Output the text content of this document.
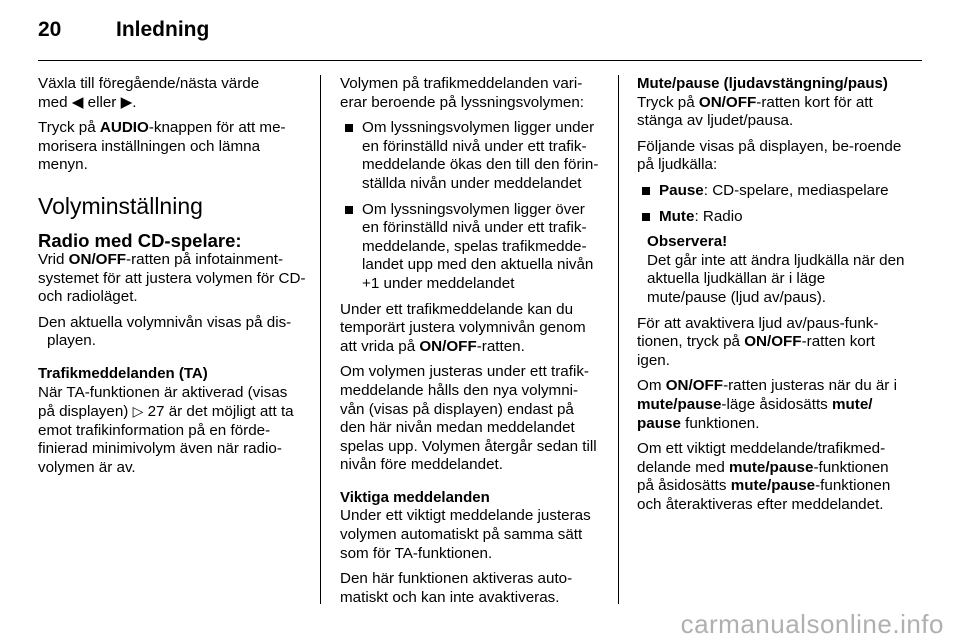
20	Inledning

Växla till föregående/nästa värde
med ◀ eller ▶.

Tryck på AUDIO-knappen för att me-morisera inställningen och lämna menyn.

Volyminställning
Radio med CD-spelare:

Vrid ON/OFF-ratten på infotainment-systemet för att justera volymen för CD- och radioläget.

Den aktuella volymnivån visas på dis-playen.

Trafikmeddelanden (TA)

När TA-funktionen är aktiverad (visas på displayen) ▷ 27 är det möjligt att ta emot trafikinformation på en förde-finierad minimivolym även när radio-volymen är av.

Volymen på trafikmeddelanden vari-erar beroende på lyssningsvolymen:

Om lyssningsvolymen ligger under en förinställd nivå under ett trafik-meddelande ökas den till den förin-ställda nivån under meddelandet
Om lyssningsvolymen ligger över en förinställd nivå under ett trafik-meddelande, spelas trafikmedde-landet upp med den aktuella nivån +1 under meddelandet

Under ett trafikmeddelande kan du temporärt justera volymnivån genom att vrida på ON/OFF-ratten.

Om volymen justeras under ett trafik-meddelande hålls den nya volymni-vån (visas på displayen) endast på den här nivån medan meddelandet spelas upp. Volymen återgår sedan till nivån före meddelandet.

Viktiga meddelanden

Under ett viktigt meddelande justeras volymen automatiskt på samma sätt som för TA-funktionen.

Den här funktionen aktiveras auto-matiskt och kan inte avaktiveras.

Mute/pause (ljudavstängning/paus)

Tryck på ON/OFF-ratten kort för att stänga av ljudet/pausa.

Följande visas på displayen, be-roende på ljudkälla:

Pause: CD-spelare, mediaspelare
Mute: Radio
Observera!
Det går inte att ändra ljudkälla när den aktuella ljudkällan är i läge mute/pause (ljud av/paus).

För att avaktivera ljud av/paus-funk-tionen, tryck på ON/OFF-ratten kort igen.

Om ON/OFF-ratten justeras när du är i mute/pause-läge åsidosätts mute/ pause funktionen.

Om ett viktigt meddelande/trafikmed-delande med mute/pause-funktionen på åsidosätts mute/pause-funktionen och återaktiveras efter meddelandet.

carmanualsonline.info
